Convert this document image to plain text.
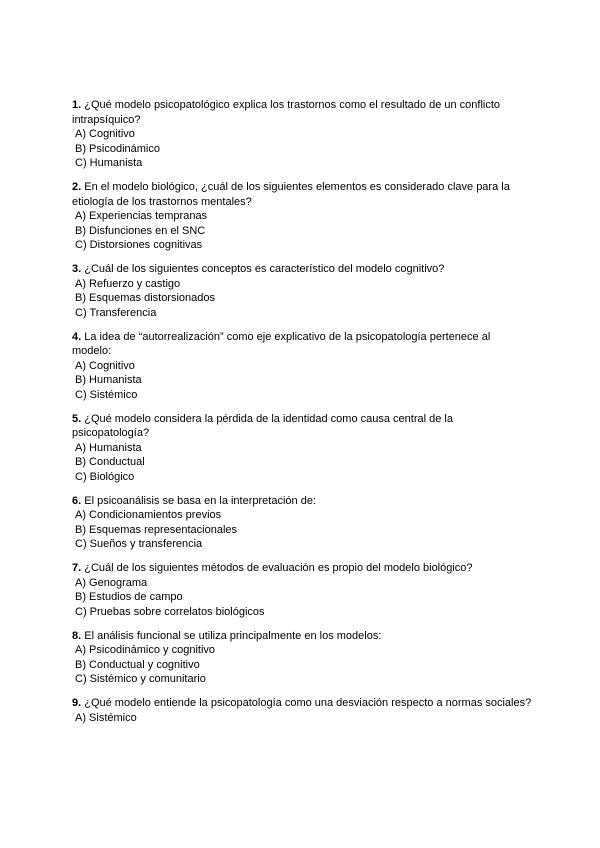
1. ¿Qué modelo psicopatológico explica los trastornos como el resultado de un conflicto intrapsíquico?

A) Cognitivo

B) Psicodinámico

C) Humanista

2. En el modelo biológico, ¿cuál de los siguientes elementos es considerado clave para la etiología de los trastornos mentales?

A) Experiencias tempranas

B) Disfunciones en el SNC

C) Distorsiones cognitivas

3. ¿Cuál de los siguientes conceptos es característico del modelo cognitivo?

A) Refuerzo y castigo

B) Esquemas distorsionados

C) Transferencia

4. La idea de “autorrealización” como eje explicativo de la psicopatología pertenece al modelo:

A) Cognitivo

B) Humanista

C) Sistémico

5. ¿Qué modelo considera la pérdida de la identidad como causa central de la psicopatología?

A) Humanista

B) Conductual

C) Biológico

6. El psicoanálisis se basa en la interpretación de:

A) Condicionamientos previos

B) Esquemas representacionales

C) Sueños y transferencia

7. ¿Cuál de los siguientes métodos de evaluación es propio del modelo biológico?

A) Genograma

B) Estudios de campo

C) Pruebas sobre correlatos biológicos

8. El análisis funcional se utiliza principalmente en los modelos:

A) Psicodinámico y cognitivo

B) Conductual y cognitivo

C) Sistémico y comunitario

9. ¿Qué modelo entiende la psicopatología como una desviación respecto a normas sociales?

A) Sistémico
